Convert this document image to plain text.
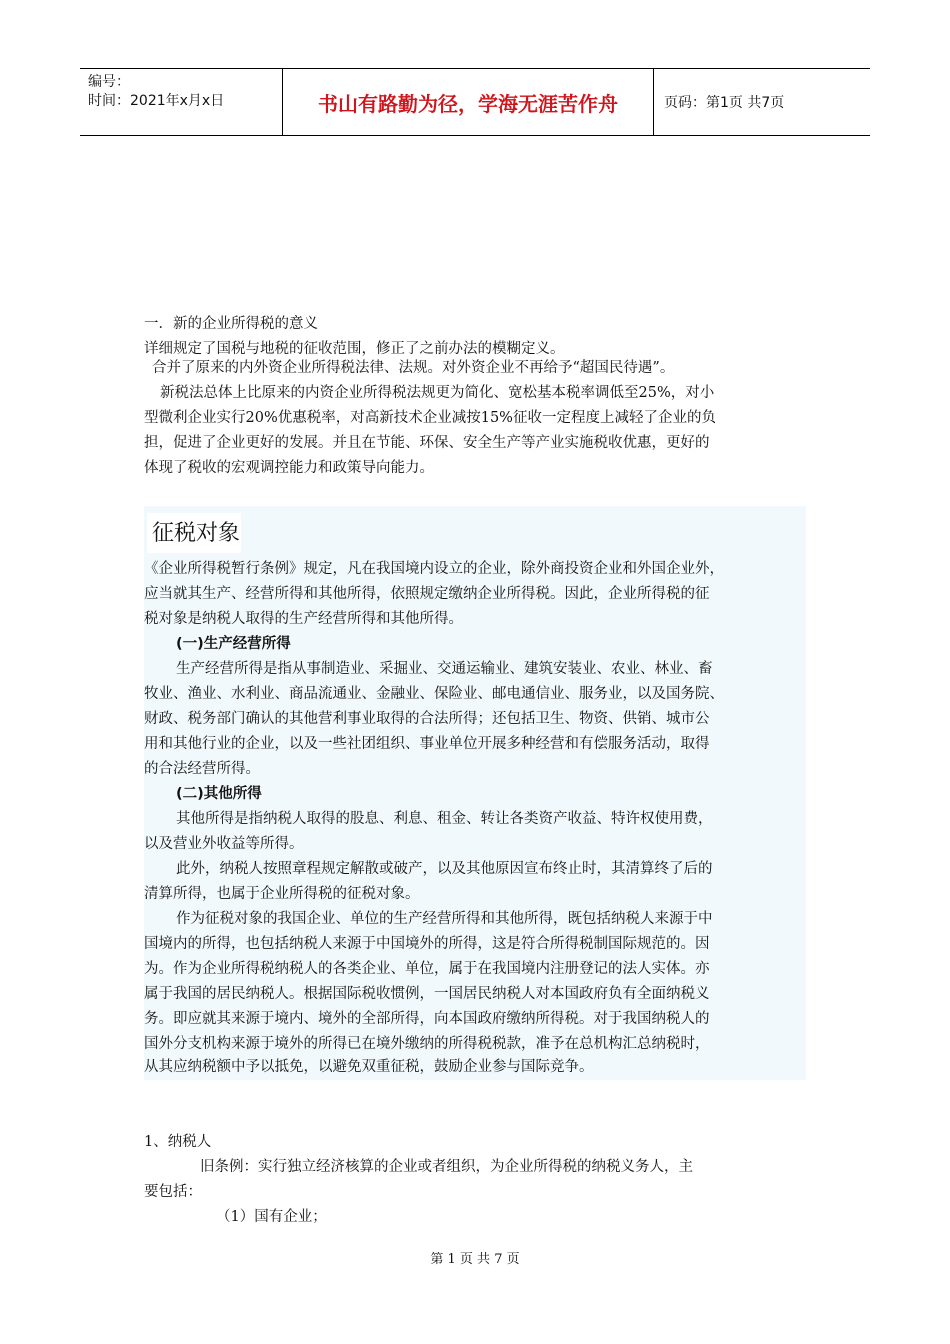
编号：
时间：2021年x月x日	书山有路勤为径，学海无涯苦作舟	页码：第1页 共7页

一．新的企业所得税的意义

详细规定了国税与地税的征收范围，修正了之前办法的模糊定义。

合并了原来的内外资企业所得税法律、法规。对外资企业不再给予“超国民待遇”。

新税法总体上比原来的内资企业所得税法规更为简化、宽松基本税率调低至25%，对小

型微利企业实行20%优惠税率，对高新技术企业减按15%征收一定程度上减轻了企业的负

担，促进了企业更好的发展。并且在节能、环保、安全生产等产业实施税收优惠，更好的

体现了税收的宏观调控能力和政策导向能力。

征税对象

《企业所得税暂行条例》规定，凡在我国境内设立的企业，除外商投资企业和外国企业外，

应当就其生产、经营所得和其他所得，依照规定缴纳企业所得税。因此，企业所得税的征

税对象是纳税人取得的生产经营所得和其他所得。

(一)生产经营所得

生产经营所得是指从事制造业、采掘业、交通运输业、建筑安装业、农业、林业、畜

牧业、渔业、水利业、商品流通业、金融业、保险业、邮电通信业、服务业，以及国务院、

财政、税务部门确认的其他营利事业取得的合法所得；还包括卫生、物资、供销、城市公

用和其他行业的企业，以及一些社团组织、事业单位开展多种经营和有偿服务活动，取得

的合法经营所得。

(二)其他所得

其他所得是指纳税人取得的股息、利息、租金、转让各类资产收益、特许权使用费，

以及营业外收益等所得。

此外，纳税人按照章程规定解散或破产，以及其他原因宣布终止时，其清算终了后的

清算所得，也属于企业所得税的征税对象。

作为征税对象的我国企业、单位的生产经营所得和其他所得，既包括纳税人来源于中

国境内的所得，也包括纳税人来源于中国境外的所得，这是符合所得税制国际规范的。因

为。作为企业所得税纳税人的各类企业、单位，属于在我国境内注册登记的法人实体。亦

属于我国的居民纳税人。根据国际税收惯例，一国居民纳税人对本国政府负有全面纳税义

务。即应就其来源于境内、境外的全部所得，向本国政府缴纳所得税。对于我国纳税人的

国外分支机构来源于境外的所得已在境外缴纳的所得税税款，准予在总机构汇总纳税时，

从其应纳税额中予以抵免，以避免双重征税，鼓励企业参与国际竞争。

1、纳税人

旧条例：实行独立经济核算的企业或者组织，为企业所得税的纳税义务人，主

要包括：

（1）国有企业；

第 1 页 共 7 页
